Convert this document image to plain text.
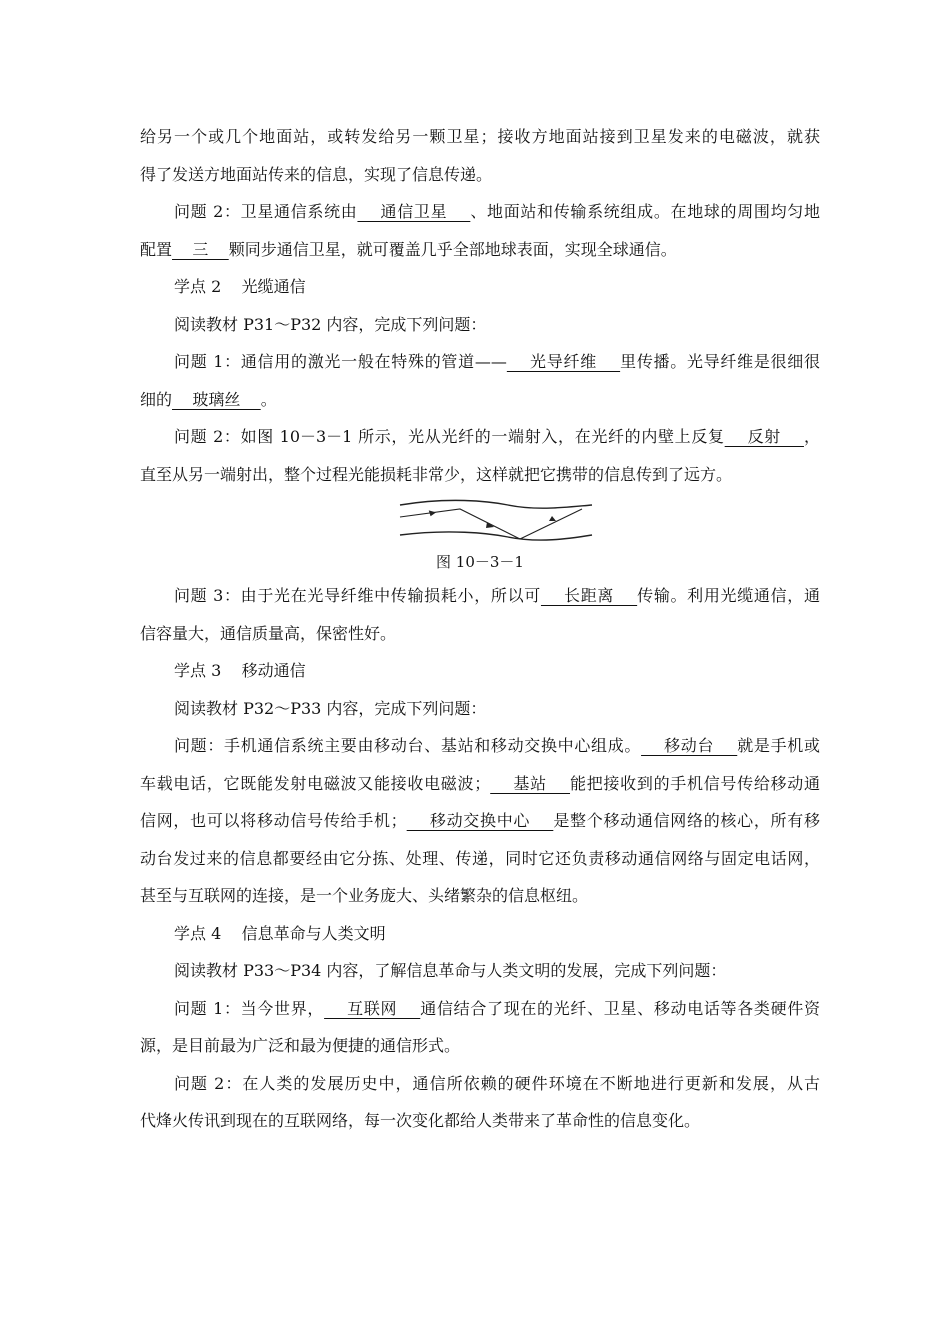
给另一个或几个地面站，或转发给另一颗卫星；接收方地面站接到卫星发来的电磁波，就获
得了发送方地面站传来的信息，实现了信息传递。
问题 2：卫星通信系统由    通信卫星    、地面站和传输系统组成。在地球的周围均匀地
配置    三    颗同步通信卫星，就可覆盖几乎全部地球表面，实现全球通信。
学点 2    光缆通信
阅读教材 P31～P32 内容，完成下列问题：
问题 1：通信用的激光一般在特殊的管道——    光导纤维    里传播。光导纤维是很细很
细的    玻璃丝    。
问题 2：如图 10－3－1 所示，光从光纤的一端射入，在光纤的内壁上反复    反射    ，
直至从另一端射出，整个过程光能损耗非常少，这样就把它携带的信息传到了远方。
图 10－3－1
问题 3：由于光在光导纤维中传输损耗小，所以可    长距离    传输。利用光缆通信，通
信容量大，通信质量高，保密性好。
学点 3    移动通信
阅读教材 P32～P33 内容，完成下列问题：
问题：手机通信系统主要由移动台、基站和移动交换中心组成。    移动台    就是手机或
车载电话，它既能发射电磁波又能接收电磁波；    基站    能把接收到的手机信号传给移动通
信网，也可以将移动信号传给手机；    移动交换中心    是整个移动通信网络的核心，所有移
动台发过来的信息都要经由它分拣、处理、传递，同时它还负责移动通信网络与固定电话网，
甚至与互联网的连接，是一个业务庞大、头绪繁杂的信息枢纽。
学点 4    信息革命与人类文明
阅读教材 P33～P34 内容，了解信息革命与人类文明的发展，完成下列问题：
问题 1：当今世界，    互联网    通信结合了现在的光纤、卫星、移动电话等各类硬件资
源，是目前最为广泛和最为便捷的通信形式。
问题 2：在人类的发展历史中，通信所依赖的硬件环境在不断地进行更新和发展，从古
代烽火传讯到现在的互联网络，每一次变化都给人类带来了革命性的信息变化。
